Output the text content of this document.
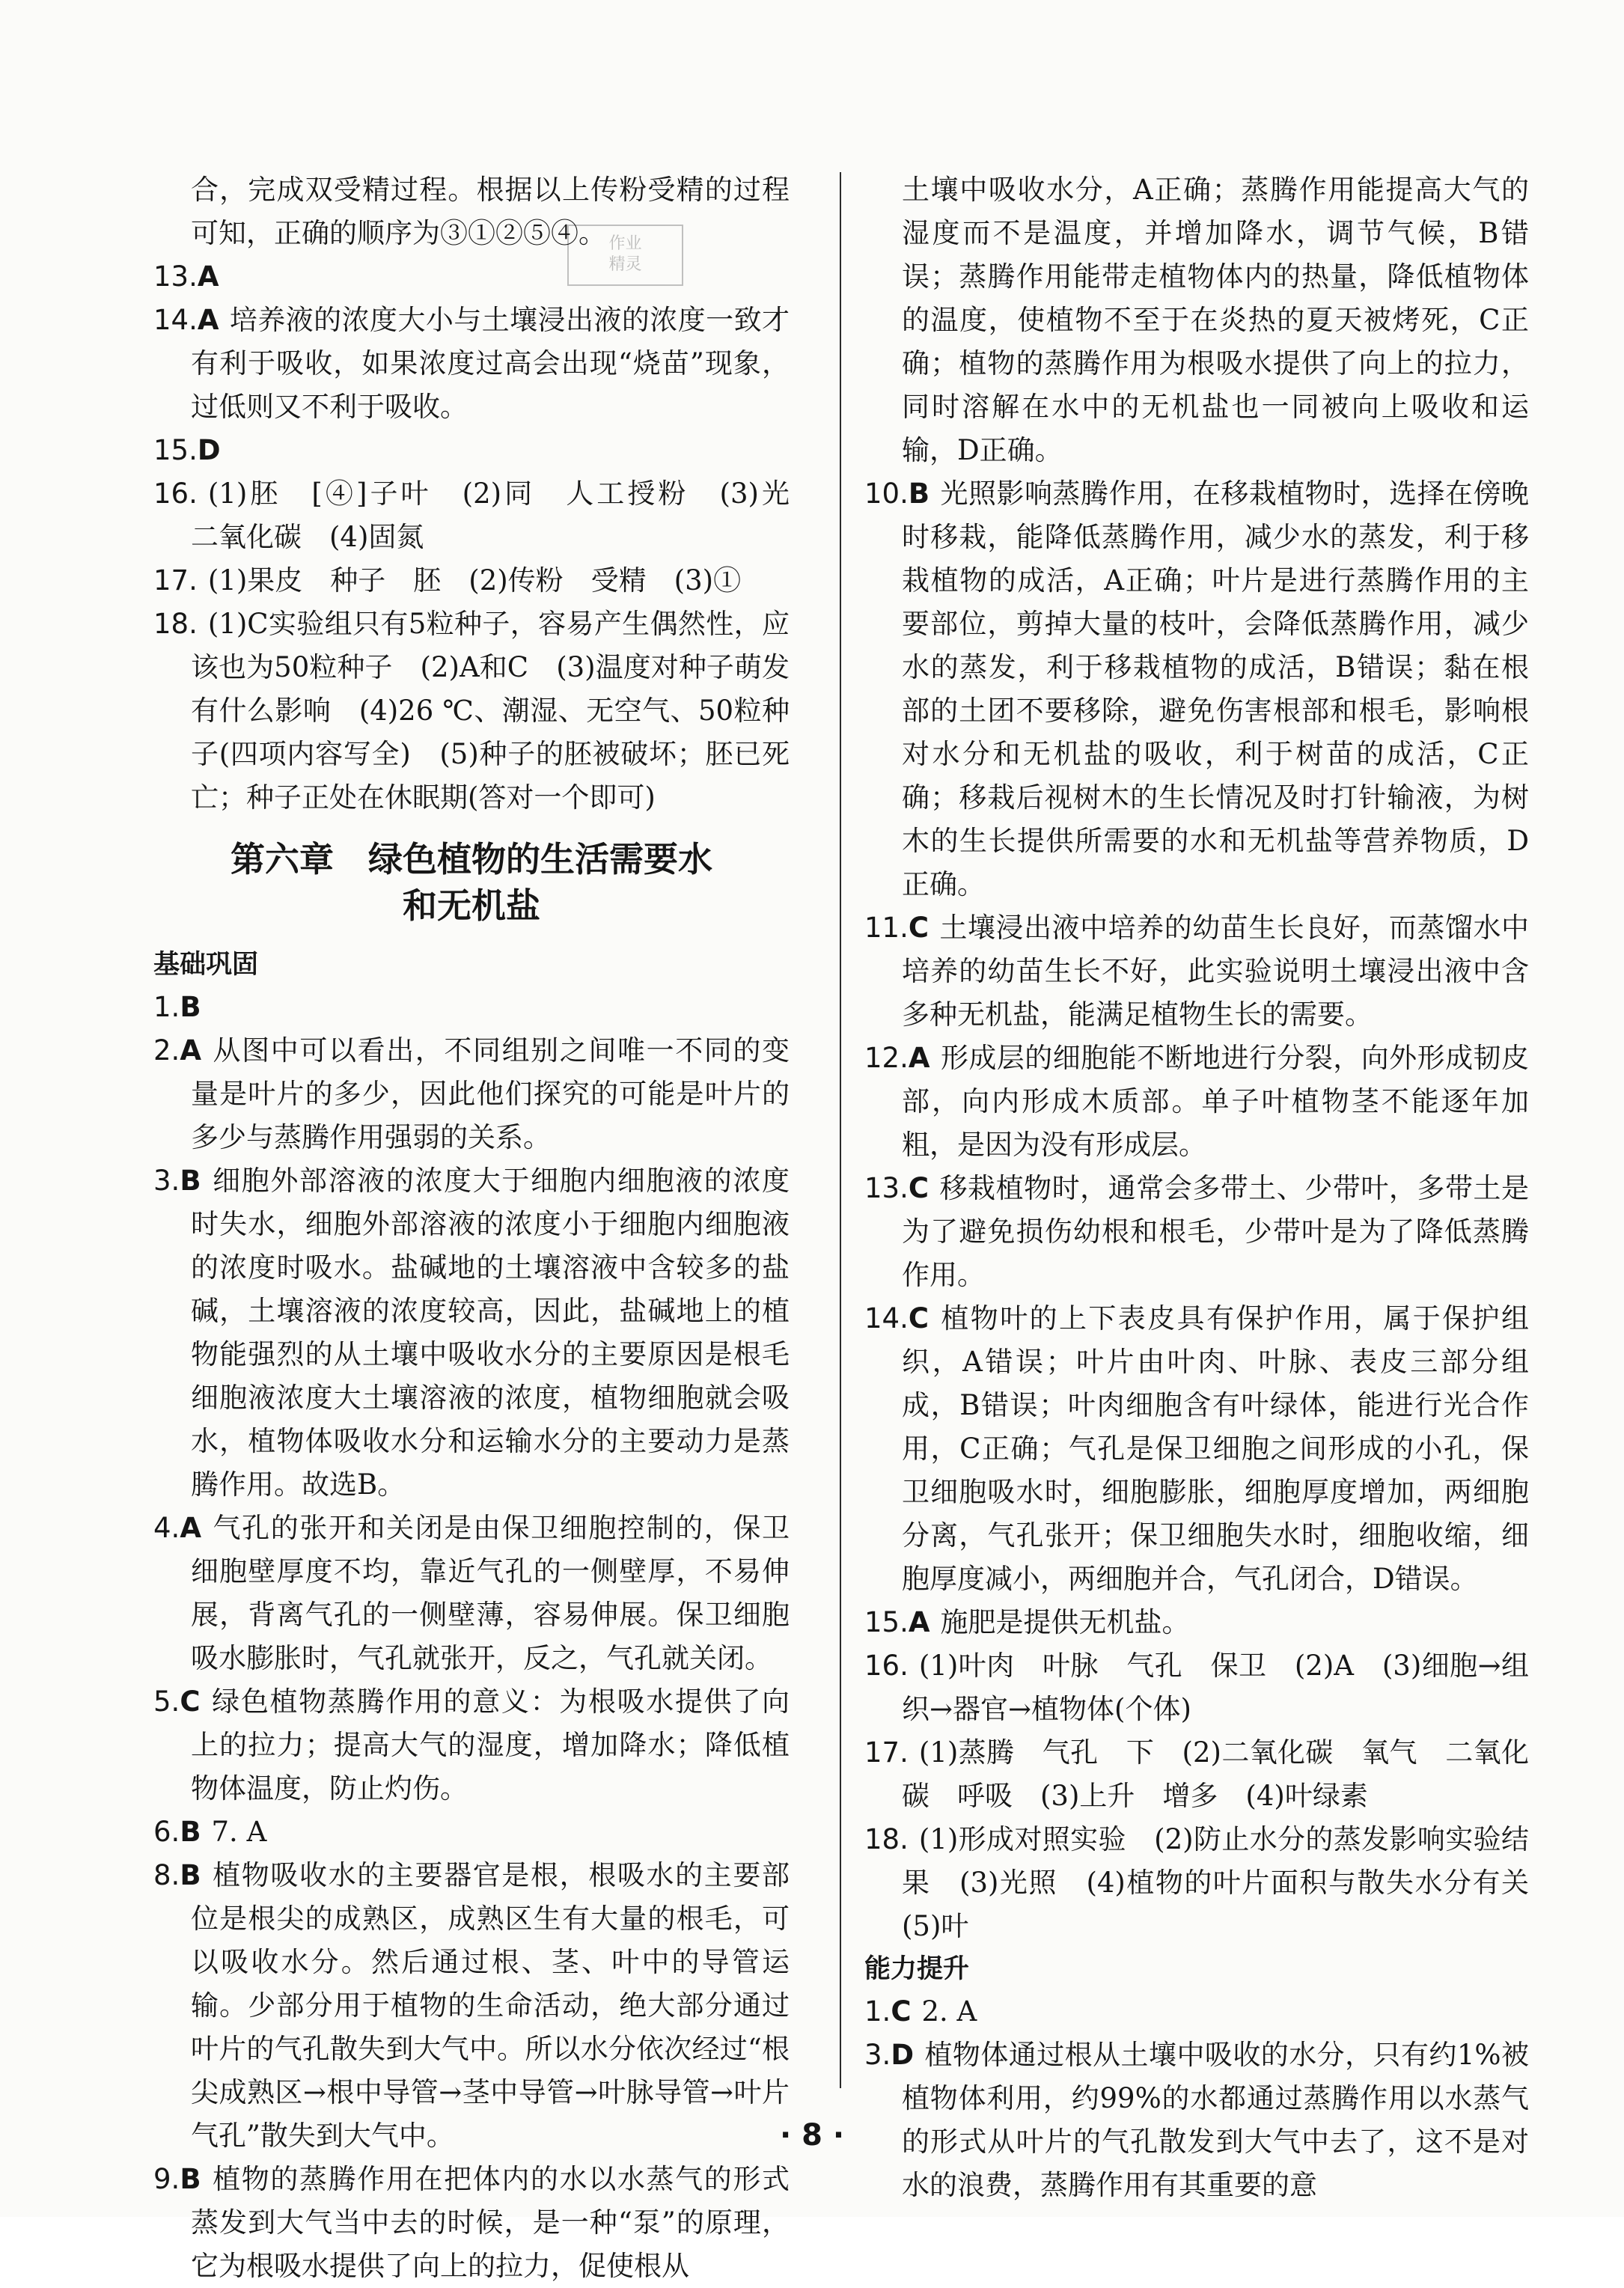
作业
精灵

合，完成双受精过程。根据以上传粉受精的过程可知，正确的顺序为③①②⑤④。

13.A

14.A 培养液的浓度大小与土壤浸出液的浓度一致才有利于吸收，如果浓度过高会出现“烧苗”现象，过低则又不利于吸收。

15.D

16. (1)胚　[④]子叶　(2)同　人工授粉　(3)光　二氧化碳　(4)固氮

17. (1)果皮　种子　胚　(2)传粉　受精　(3)①

18. (1)C实验组只有5粒种子，容易产生偶然性，应该也为50粒种子　(2)A和C　(3)温度对种子萌发有什么影响　(4)26 ℃、潮湿、无空气、50粒种子(四项内容写全)　(5)种子的胚被破坏；胚已死亡；种子正处在休眠期(答对一个即可)

第六章　绿色植物的生活需要水
和无机盐

基础巩固

1.B

2.A 从图中可以看出，不同组别之间唯一不同的变量是叶片的多少，因此他们探究的可能是叶片的多少与蒸腾作用强弱的关系。

3.B 细胞外部溶液的浓度大于细胞内细胞液的浓度时失水，细胞外部溶液的浓度小于细胞内细胞液的浓度时吸水。盐碱地的土壤溶液中含较多的盐碱，土壤溶液的浓度较高，因此，盐碱地上的植物能强烈的从土壤中吸收水分的主要原因是根毛细胞液浓度大土壤溶液的浓度，植物细胞就会吸水，植物体吸收水分和运输水分的主要动力是蒸腾作用。故选B。

4.A 气孔的张开和关闭是由保卫细胞控制的，保卫细胞壁厚度不均，靠近气孔的一侧壁厚，不易伸展，背离气孔的一侧壁薄，容易伸展。保卫细胞吸水膨胀时，气孔就张开，反之，气孔就关闭。

5.C 绿色植物蒸腾作用的意义：为根吸水提供了向上的拉力；提高大气的湿度，增加降水；降低植物体温度，防止灼伤。

6.B 7. A

8.B 植物吸收水的主要器官是根，根吸水的主要部位是根尖的成熟区，成熟区生有大量的根毛，可以吸收水分。然后通过根、茎、叶中的导管运输。少部分用于植物的生命活动，绝大部分通过叶片的气孔散失到大气中。所以水分依次经过“根尖成熟区→根中导管→茎中导管→叶脉导管→叶片气孔”散失到大气中。

9.B 植物的蒸腾作用在把体内的水以水蒸气的形式蒸发到大气当中去的时候，是一种“泵”的原理，它为根吸水提供了向上的拉力，促使根从

土壤中吸收水分，A正确；蒸腾作用能提高大气的湿度而不是温度，并增加降水，调节气候，B错误；蒸腾作用能带走植物体内的热量，降低植物体的温度，使植物不至于在炎热的夏天被烤死，C正确；植物的蒸腾作用为根吸水提供了向上的拉力，同时溶解在水中的无机盐也一同被向上吸收和运输，D正确。

10.B 光照影响蒸腾作用，在移栽植物时，选择在傍晚时移栽，能降低蒸腾作用，减少水的蒸发，利于移栽植物的成活，A正确；叶片是进行蒸腾作用的主要部位，剪掉大量的枝叶，会降低蒸腾作用，减少水的蒸发，利于移栽植物的成活，B错误；黏在根部的土团不要移除，避免伤害根部和根毛，影响根对水分和无机盐的吸收，利于树苗的成活，C正确；移栽后视树木的生长情况及时打针输液，为树木的生长提供所需要的水和无机盐等营养物质，D正确。

11.C 土壤浸出液中培养的幼苗生长良好，而蒸馏水中培养的幼苗生长不好，此实验说明土壤浸出液中含多种无机盐，能满足植物生长的需要。

12.A 形成层的细胞能不断地进行分裂，向外形成韧皮部，向内形成木质部。单子叶植物茎不能逐年加粗，是因为没有形成层。

13.C 移栽植物时，通常会多带土、少带叶，多带土是为了避免损伤幼根和根毛，少带叶是为了降低蒸腾作用。

14.C 植物叶的上下表皮具有保护作用，属于保护组织，A错误；叶片由叶肉、叶脉、表皮三部分组成，B错误；叶肉细胞含有叶绿体，能进行光合作用，C正确；气孔是保卫细胞之间形成的小孔，保卫细胞吸水时，细胞膨胀，细胞厚度增加，两细胞分离，气孔张开；保卫细胞失水时，细胞收缩，细胞厚度减小，两细胞并合，气孔闭合，D错误。

15.A 施肥是提供无机盐。

16. (1)叶肉　叶脉　气孔　保卫　(2)A　(3)细胞→组织→器官→植物体(个体)

17. (1)蒸腾　气孔　下　(2)二氧化碳　氧气　二氧化碳　呼吸　(3)上升　增多　(4)叶绿素

18. (1)形成对照实验　(2)防止水分的蒸发影响实验结果　(3)光照　(4)植物的叶片面积与散失水分有关　(5)叶

能力提升

1.C 2. A

3.D 植物体通过根从土壤中吸收的水分，只有约1%被植物体利用，约99%的水都通过蒸腾作用以水蒸气的形式从叶片的气孔散发到大气中去了，这不是对水的浪费，蒸腾作用有其重要的意

· 8 ·
